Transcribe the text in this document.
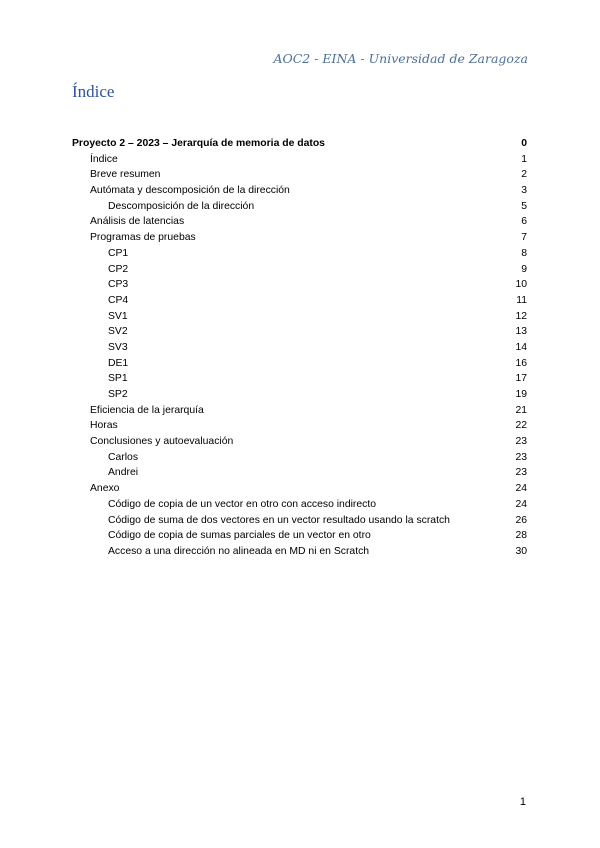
AOC2 - EINA - Universidad de Zaragoza
Índice
Proyecto 2 – 2023 – Jerarquía de memoria de datos	0
Índice	1
Breve resumen	2
Autómata y descomposición de la dirección	3
Descomposición de la dirección	5
Análisis de latencias	6
Programas de pruebas	7
CP1	8
CP2	9
CP3	10
CP4	11
SV1	12
SV2	13
SV3	14
DE1	16
SP1	17
SP2	19
Eficiencia de la jerarquía	21
Horas	22
Conclusiones y autoevaluación	23
Carlos	23
Andrei	23
Anexo	24
Código de copia de un vector en otro con acceso indirecto	24
Código de suma de dos vectores en un vector resultado usando la scratch	26
Código de copia de sumas parciales de un vector en otro	28
Acceso a una dirección no alineada en MD ni en Scratch	30
1
